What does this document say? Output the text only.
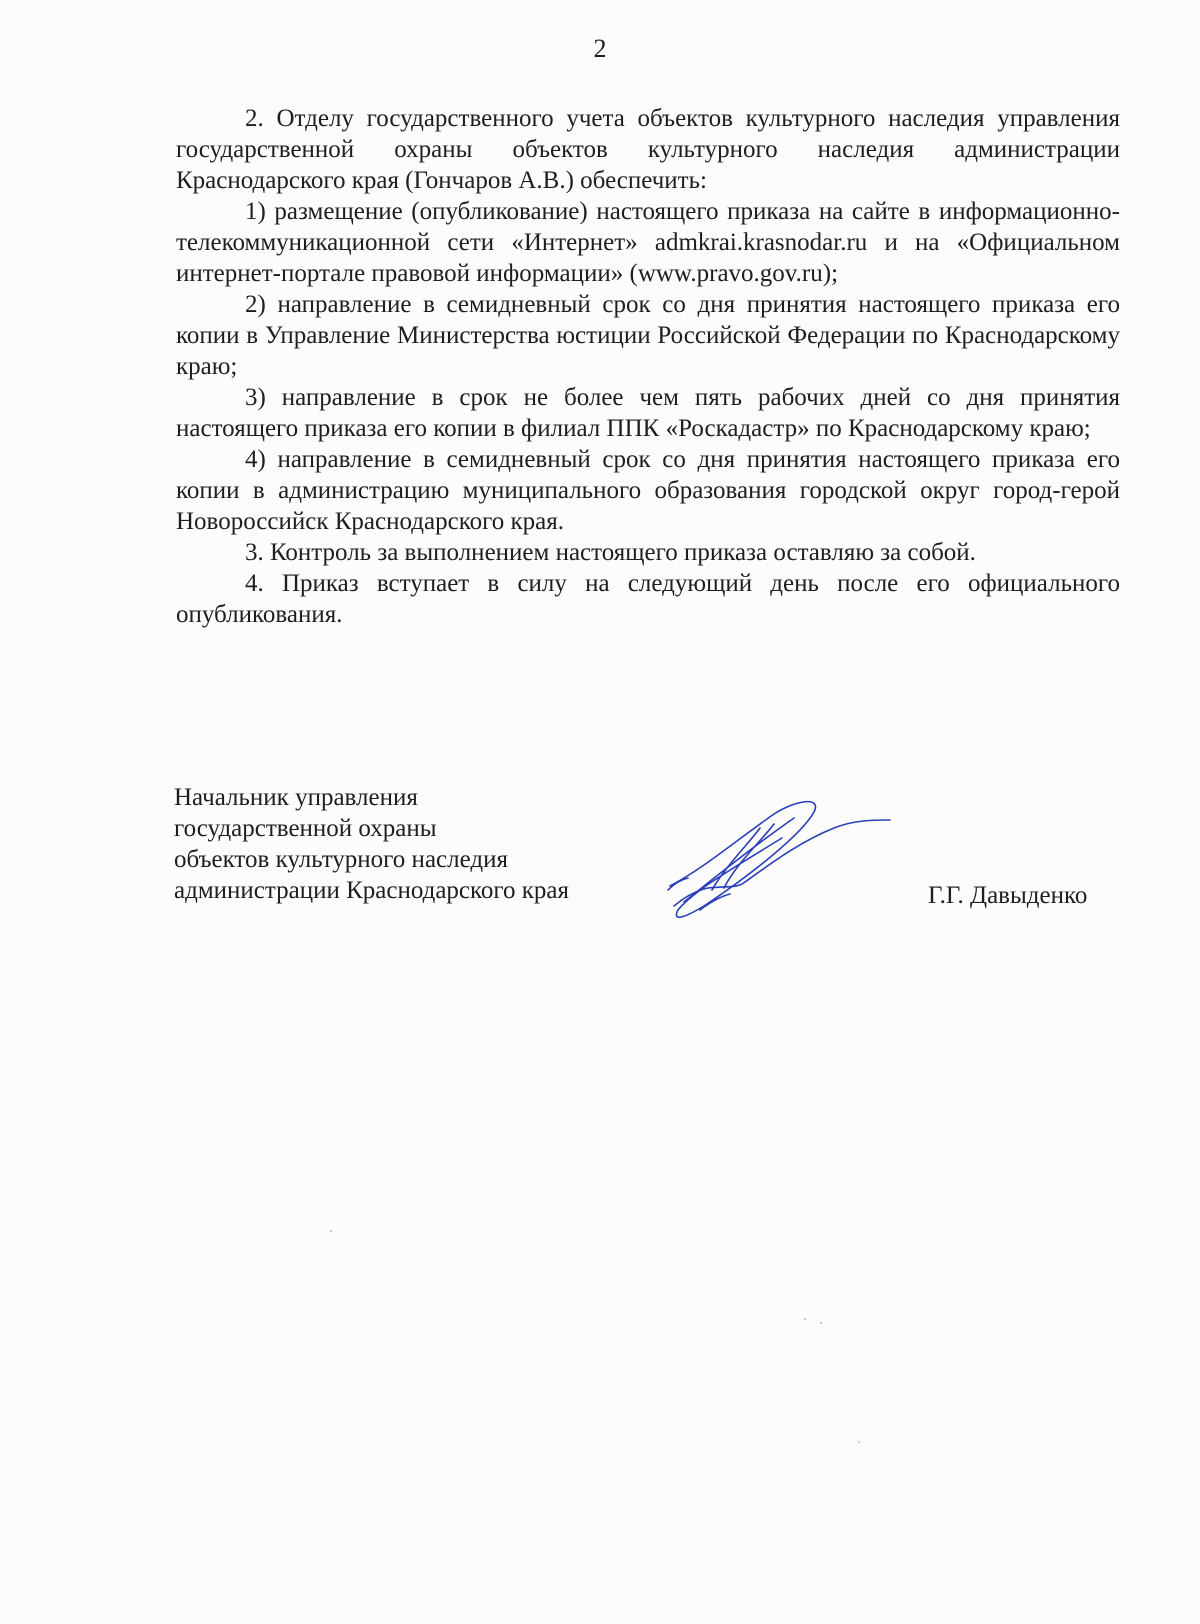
2

2. Отделу государственного учета объектов культурного наследия управления государственной охраны объектов культурного наследия администрации Краснодарского края (Гончаров А.В.) обеспечить:

1) размещение (опубликование) настоящего приказа на сайте в информационно-телекоммуникационной сети «Интернет» admkrai.krasnodar.ru и на «Официальном интернет-портале правовой информации» (www.pravo.gov.ru);

2) направление в семидневный срок со дня принятия настоящего приказа его копии в Управление Министерства юстиции Российской Федерации по Краснодарскому краю;

3) направление в срок не более чем пять рабочих дней со дня принятия настоящего приказа его копии в филиал ППК «Роскадастр» по Краснодарскому краю;

4) направление в семидневный срок со дня принятия настоящего приказа его копии в администрацию муниципального образования городской округ город-герой Новороссийск Краснодарского края.

3. Контроль за выполнением настоящего приказа оставляю за собой.

4. Приказ вступает в силу на следующий день после его официального опубликования.

Начальник управления
государственной охраны
объектов культурного наследия
администрации Краснодарского края	Г.Г. Давыденко
